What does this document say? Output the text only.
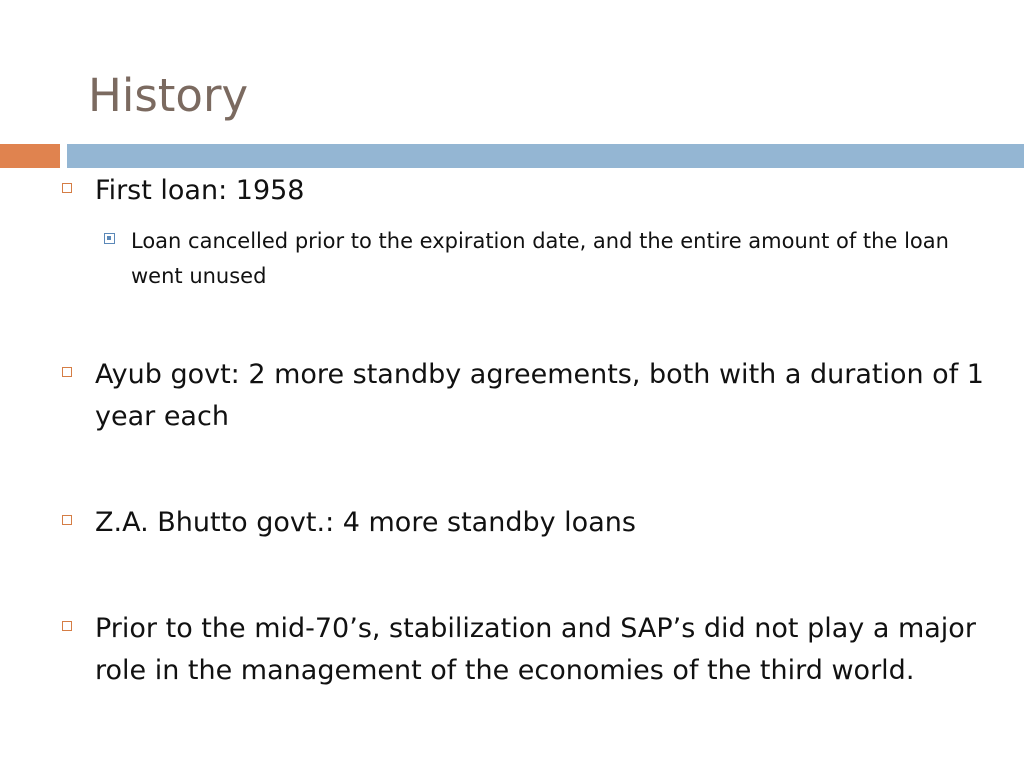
History
First loan: 1958
Loan cancelled prior to the expiration date, and the entire amount of the loan went unused
Ayub govt: 2 more standby agreements, both with a duration of 1 year each
Z.A. Bhutto govt.: 4 more standby loans
Prior to the mid-70’s, stabilization and SAP’s did not play a major role in the management of the economies of the third world.
